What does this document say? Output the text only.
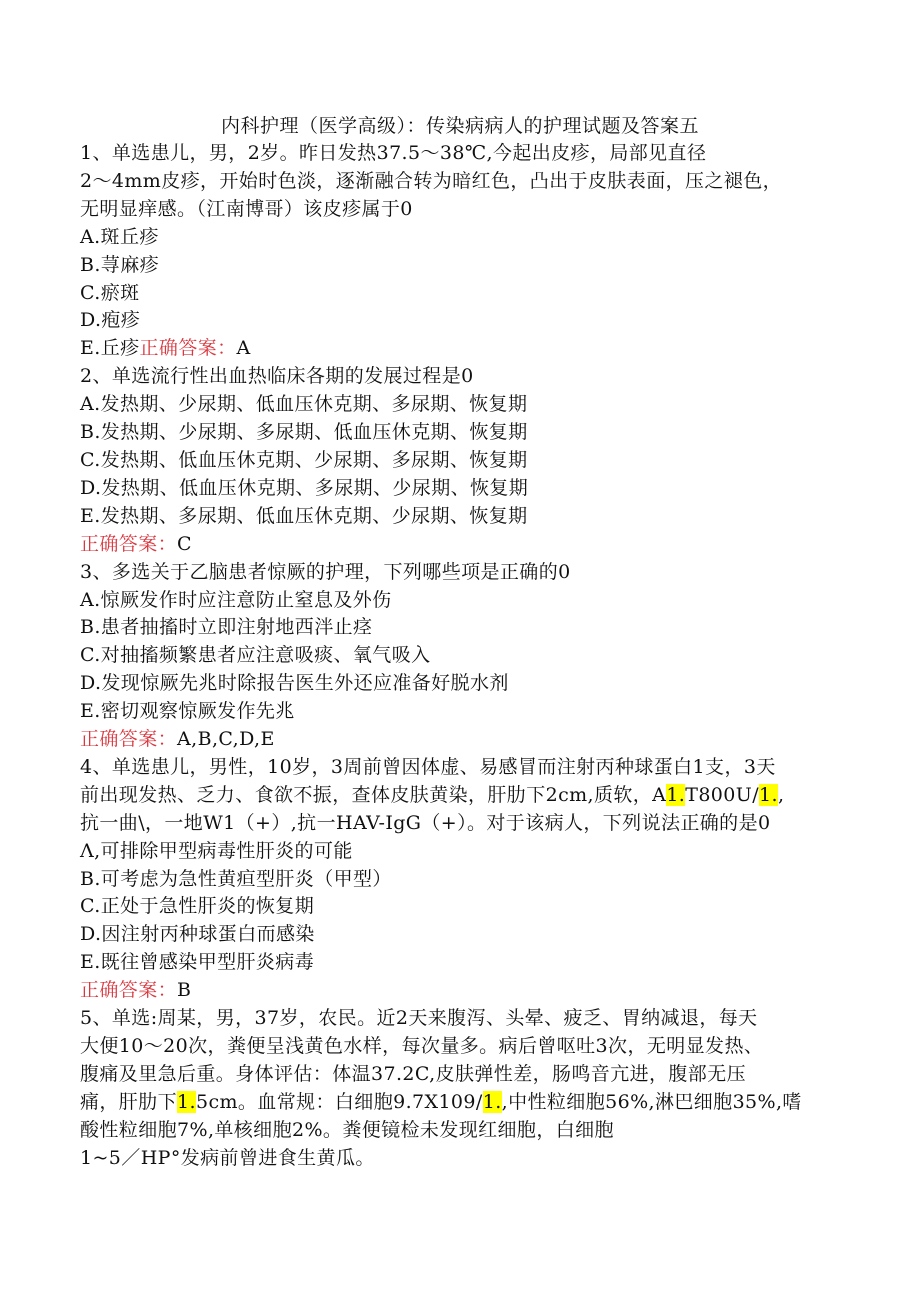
内科护理（医学高级）：传染病病人的护理试题及答案五
1、单选患儿，男，2岁。昨日发热37.5～38℃,今起出皮疹，局部见直径
2～4mm皮疹，开始时色淡，逐渐融合转为暗红色，凸出于皮肤表面，压之褪色，
无明显痒感。（江南博哥）该皮疹属于0
A.斑丘疹
B.荨麻疹
C.瘀斑
D.疱疹
E.丘疹正确答案：A
2、单选流行性出血热临床各期的发展过程是0
A.发热期、少尿期、低血压休克期、多尿期、恢复期
B.发热期、少尿期、多尿期、低血压休克期、恢复期
C.发热期、低血压休克期、少尿期、多尿期、恢复期
D.发热期、低血压休克期、多尿期、少尿期、恢复期
E.发热期、多尿期、低血压休克期、少尿期、恢复期
正确答案：C
3、多选关于乙脑患者惊厥的护理，下列哪些项是正确的0
A.惊厥发作时应注意防止窒息及外伤
B.患者抽搐时立即注射地西泮止痉
C.对抽搐频繁患者应注意吸痰、氧气吸入
D.发现惊厥先兆时除报告医生外还应准备好脱水剂
E.密切观察惊厥发作先兆
正确答案：A,B,C,D,E
4、单选患儿，男性，10岁，3周前曾因体虚、易感冒而注射丙种球蛋白1支，3天
前出现发热、乏力、食欲不振，查体皮肤黄染，肝肋下2cm,质软，A1.T800U/1.,
抗一曲\，一地W1（+）,抗一HAV-IgG（+）。对于该病人，下列说法正确的是0
Λ,可排除甲型病毒性肝炎的可能
B.可考虑为急性黄疸型肝炎（甲型）
C.正处于急性肝炎的恢复期
D.因注射丙种球蛋白而感染
E.既往曾感染甲型肝炎病毒
正确答案：B
5、单选:周某，男，37岁，农民。近2天来腹泻、头晕、疲乏、胃纳减退，每天
大便10～20次，粪便呈浅黄色水样，每次量多。病后曾呕吐3次，无明显发热、
腹痛及里急后重。身体评估：体温37.2C,皮肤弹性差，肠鸣音亢进，腹部无压
痛，肝肋下1.5cm。血常规：白细胞9.7X109/1.,中性粒细胞56%,淋巴细胞35%,嗜
酸性粒细胞7%,单核细胞2%。粪便镜检未发现红细胞，白细胞
1~5／HP°发病前曾进食生黄瓜。
